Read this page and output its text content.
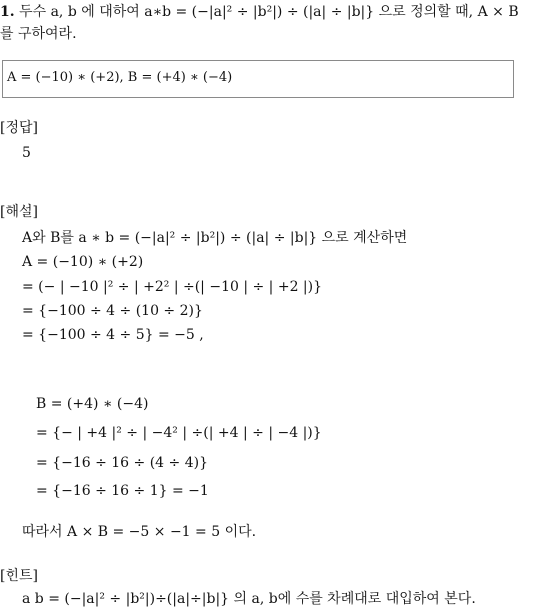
1. 두수 a, b 에 대하여 a∗b = (−|a|² ÷ |b²|) ÷ (|a| ÷ |b|} 으로 정의할 때, A × B
를 구하여라.
A = (−10) ∗ (+2), B = (+4) ∗ (−4)
[정답]
5
[해설]
A와 B를 a ∗ b = (−|a|² ÷ |b²|) ÷ (|a| ÷ |b|} 으로 계산하면
A = (−10) ∗ (+2)
= (− | −10 |² ÷ | +2² | ÷(| −10 | ÷ | +2 |)}
= {−100 ÷ 4 ÷ (10 ÷ 2)}
= {−100 ÷ 4 ÷ 5} = −5 ,
B = (+4) ∗ (−4)
= {− | +4 |² ÷ | −4² | ÷(| +4 | ÷ | −4 |)}
= {−16 ÷ 16 ÷ (4 ÷ 4)}
= {−16 ÷ 16 ÷ 1} = −1
따라서 A × B = −5 × −1 = 5 이다.
[힌트]
a b = (−|a|² ÷ |b²|)÷(|a|÷|b|} 의 a, b에 수를 차례대로 대입하여 본다.
